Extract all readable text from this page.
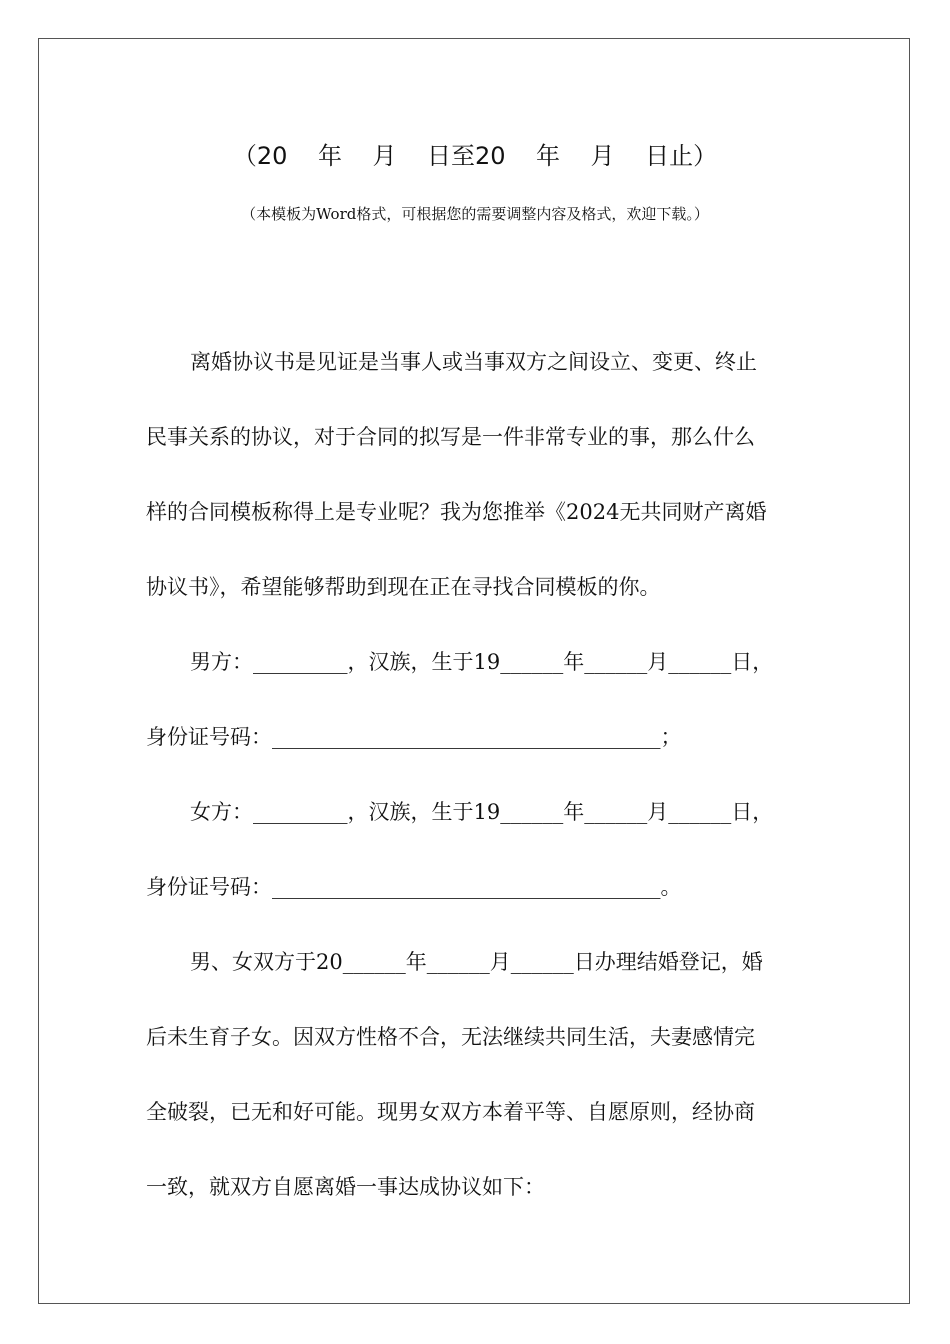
（20    年    月    日至20    年    月    日止）
（本模板为Word格式，可根据您的需要调整内容及格式，欢迎下载。）
离婚协议书是见证是当事人或当事双方之间设立、变更、终止
民事关系的协议，对于合同的拟写是一件非常专业的事，那么什么
样的合同模板称得上是专业呢？我为您推举《2024无共同财产离婚
协议书》，希望能够帮助到现在正在寻找合同模板的你。
男方：_________，汉族，生于19______年______月______日，
身份证号码：_____________________________________；
女方：_________，汉族，生于19______年______月______日，
身份证号码：_____________________________________。
男、女双方于20______年______月______日办理结婚登记，婚
后未生育子女。因双方性格不合，无法继续共同生活，夫妻感情完
全破裂，已无和好可能。现男女双方本着平等、自愿原则，经协商
一致，就双方自愿离婚一事达成协议如下：
